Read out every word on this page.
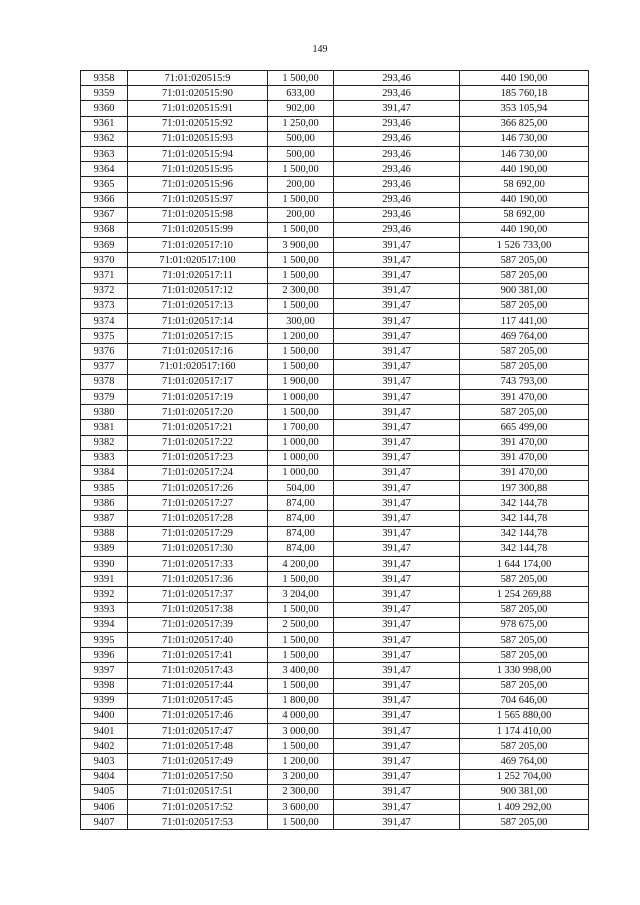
149
9358	71:01:020515:9	1 500,00	293,46	440 190,00
9359	71:01:020515:90	633,00	293,46	185 760,18
9360	71:01:020515:91	902,00	391,47	353 105,94
9361	71:01:020515:92	1 250,00	293,46	366 825,00
9362	71:01:020515:93	500,00	293,46	146 730,00
9363	71:01:020515:94	500,00	293,46	146 730,00
9364	71:01:020515:95	1 500,00	293,46	440 190,00
9365	71:01:020515:96	200,00	293,46	58 692,00
9366	71:01:020515:97	1 500,00	293,46	440 190,00
9367	71:01:020515:98	200,00	293,46	58 692,00
9368	71:01:020515:99	1 500,00	293,46	440 190,00
9369	71:01:020517:10	3 900,00	391,47	1 526 733,00
9370	71:01:020517:100	1 500,00	391,47	587 205,00
9371	71:01:020517:11	1 500,00	391,47	587 205,00
9372	71:01:020517:12	2 300,00	391,47	900 381,00
9373	71:01:020517:13	1 500,00	391,47	587 205,00
9374	71:01:020517:14	300,00	391,47	117 441,00
9375	71:01:020517:15	1 200,00	391,47	469 764,00
9376	71:01:020517:16	1 500,00	391,47	587 205,00
9377	71:01:020517:160	1 500,00	391,47	587 205,00
9378	71:01:020517:17	1 900,00	391,47	743 793,00
9379	71:01:020517:19	1 000,00	391,47	391 470,00
9380	71:01:020517:20	1 500,00	391,47	587 205,00
9381	71:01:020517:21	1 700,00	391,47	665 499,00
9382	71:01:020517:22	1 000,00	391,47	391 470,00
9383	71:01:020517:23	1 000,00	391,47	391 470,00
9384	71:01:020517:24	1 000,00	391,47	391 470,00
9385	71:01:020517:26	504,00	391,47	197 300,88
9386	71:01:020517:27	874,00	391,47	342 144,78
9387	71:01:020517:28	874,00	391,47	342 144,78
9388	71:01:020517:29	874,00	391,47	342 144,78
9389	71:01:020517:30	874,00	391,47	342 144,78
9390	71:01:020517:33	4 200,00	391,47	1 644 174,00
9391	71:01:020517:36	1 500,00	391,47	587 205,00
9392	71:01:020517:37	3 204,00	391,47	1 254 269,88
9393	71:01:020517:38	1 500,00	391,47	587 205,00
9394	71:01:020517:39	2 500,00	391,47	978 675,00
9395	71:01:020517:40	1 500,00	391,47	587 205,00
9396	71:01:020517:41	1 500,00	391,47	587 205,00
9397	71:01:020517:43	3 400,00	391,47	1 330 998,00
9398	71:01:020517:44	1 500,00	391,47	587 205,00
9399	71:01:020517:45	1 800,00	391,47	704 646,00
9400	71:01:020517:46	4 000,00	391,47	1 565 880,00
9401	71:01:020517:47	3 000,00	391,47	1 174 410,00
9402	71:01:020517:48	1 500,00	391,47	587 205,00
9403	71:01:020517:49	1 200,00	391,47	469 764,00
9404	71:01:020517:50	3 200,00	391,47	1 252 704,00
9405	71:01:020517:51	2 300,00	391,47	900 381,00
9406	71:01:020517:52	3 600,00	391,47	1 409 292,00
9407	71:01:020517:53	1 500,00	391,47	587 205,00
